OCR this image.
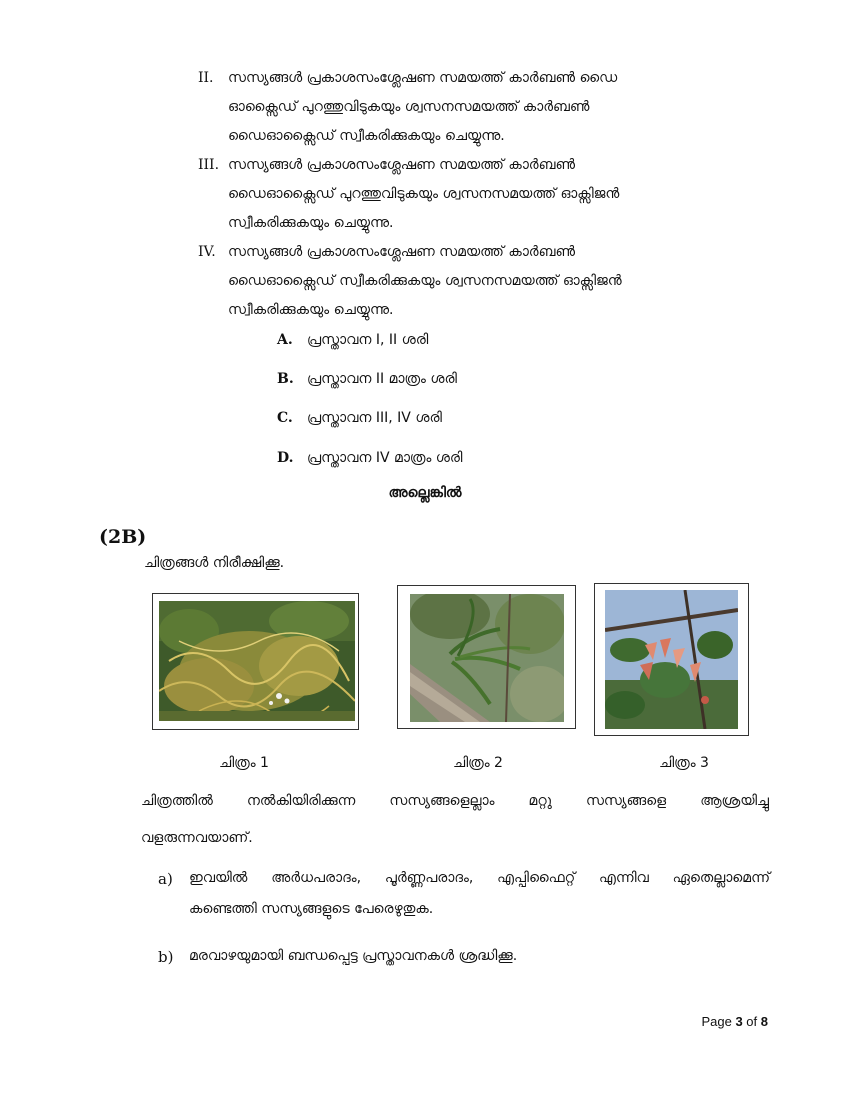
II. സസ്യങ്ങൾ പ്രകാശസംശ്ലേഷണ സമയത്ത് കാർബൺ ഡൈ
ഓക്സൈഡ് പുറത്തുവിടുകയും ശ്വസനസമയത്ത് കാർബൺ
ഡൈഓക്സൈഡ് സ്വീകരിക്കുകയും ചെയ്യുന്നു.
III. സസ്യങ്ങൾ പ്രകാശസംശ്ലേഷണ സമയത്ത് കാർബൺ
ഡൈഓക്സൈഡ് പുറത്തുവിടുകയും ശ്വസനസമയത്ത് ഓക്സിജൻ
സ്വീകരിക്കുകയും ചെയ്യുന്നു.
IV. സസ്യങ്ങൾ പ്രകാശസംശ്ലേഷണ സമയത്ത് കാർബൺ
ഡൈഓക്സൈഡ് സ്വീകരിക്കുകയും ശ്വസനസമയത്ത് ഓക്സിജൻ
സ്വീകരിക്കുകയും ചെയ്യുന്നു.
A. പ്രസ്താവന I, II ശരി
B. പ്രസ്താവന II മാത്രം ശരി
C. പ്രസ്താവന III, IV ശരി
D. പ്രസ്താവന IV മാത്രം ശരി
അല്ലെങ്കിൽ
(2B)
ചിത്രങ്ങൾ നിരീക്ഷിക്കൂ.
ചിത്രം 1	ചിത്രം 2	ചിത്രം 3
ചിത്രത്തിൽ നൽകിയിരിക്കുന്ന സസ്യങ്ങളെല്ലാം മറ്റു സസ്യങ്ങളെ ആശ്രയിച്ചു
വളരുന്നവയാണ്.
a) ഇവയിൽ അർധപരാദം, പൂർണ്ണപരാദം, എപ്പിഫൈറ്റ് എന്നിവ ഏതെല്ലാമെന്ന്
കണ്ടെത്തി സസ്യങ്ങളുടെ പേരെഴുതുക.
b) മരവാഴയുമായി ബന്ധപ്പെട്ട പ്രസ്താവനകൾ ശ്രദ്ധിക്കൂ.
Page 3 of 8
